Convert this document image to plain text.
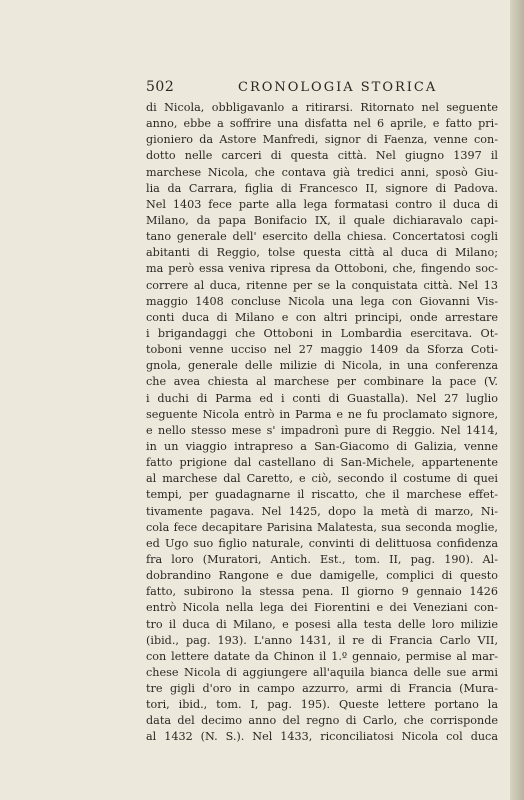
502	CRONOLOGIA STORICA
di Nicola, obbligavanlo a ritirarsi. Ritornato nel seguente
anno, ebbe a soffrire una disfatta nel 6 aprile, e fatto pri-
gioniero da Astore Manfredi, signor di Faenza, venne con-
dotto nelle carceri di questa città. Nel giugno 1397 il
marchese Nicola, che contava già tredici anni, sposò Giu-
lia da Carrara, figlia di Francesco II, signore di Padova.
Nel 1403 fece parte alla lega formatasi contro il duca di
Milano, da papa Bonifacio IX, il quale dichiaravalo capi-
tano generale dell' esercito della chiesa. Concertatosi cogli
abitanti di Reggio, tolse questa città al duca di Milano;
ma però essa veniva ripresa da Ottoboni, che, fingendo soc-
correre al duca, ritenne per se la conquistata città. Nel 13
maggio 1408 concluse Nicola una lega con Giovanni Vis-
conti duca di Milano e con altri principi, onde arrestare
i brigandaggi che Ottoboni in Lombardia esercitava. Ot-
toboni venne ucciso nel 27 maggio 1409 da Sforza Coti-
gnola, generale delle milizie di Nicola, in una conferenza
che avea chiesta al marchese per combinare la pace (V.
i duchi di Parma ed i conti di Guastalla). Nel 27 luglio
seguente Nicola entrò in Parma e ne fu proclamato signore,
e nello stesso mese s' impadronì pure di Reggio. Nel 1414,
in un viaggio intrapreso a San-Giacomo di Galizia, venne
fatto prigione dal castellano di San-Michele, appartenente
al marchese dal Caretto, e ciò, secondo il costume di quei
tempi, per guadagnarne il riscatto, che il marchese effet-
tivamente pagava. Nel 1425, dopo la metà di marzo, Ni-
cola fece decapitare Parisina Malatesta, sua seconda moglie,
ed Ugo suo figlio naturale, convinti di delittuosa confidenza
fra loro (Muratori, Antich. Est., tom. II, pag. 190). Al-
dobrandino Rangone e due damigelle, complici di questo
fatto, subirono la stessa pena. Il giorno 9 gennaio 1426
entrò Nicola nella lega dei Fiorentini e dei Veneziani con-
tro il duca di Milano, e posesi alla testa delle loro milizie
(ibid., pag. 193). L'anno 1431, il re di Francia Carlo VII,
con lettere datate da Chinon il 1.º gennaio, permise al mar-
chese Nicola di aggiungere all'aquila bianca delle sue armi
tre gigli d'oro in campo azzurro, armi di Francia (Mura-
tori, ibid., tom. I, pag. 195). Queste lettere portano la
data del decimo anno del regno di Carlo, che corrisponde
al 1432 (N. S.). Nel 1433, riconciliatosi Nicola col duca
